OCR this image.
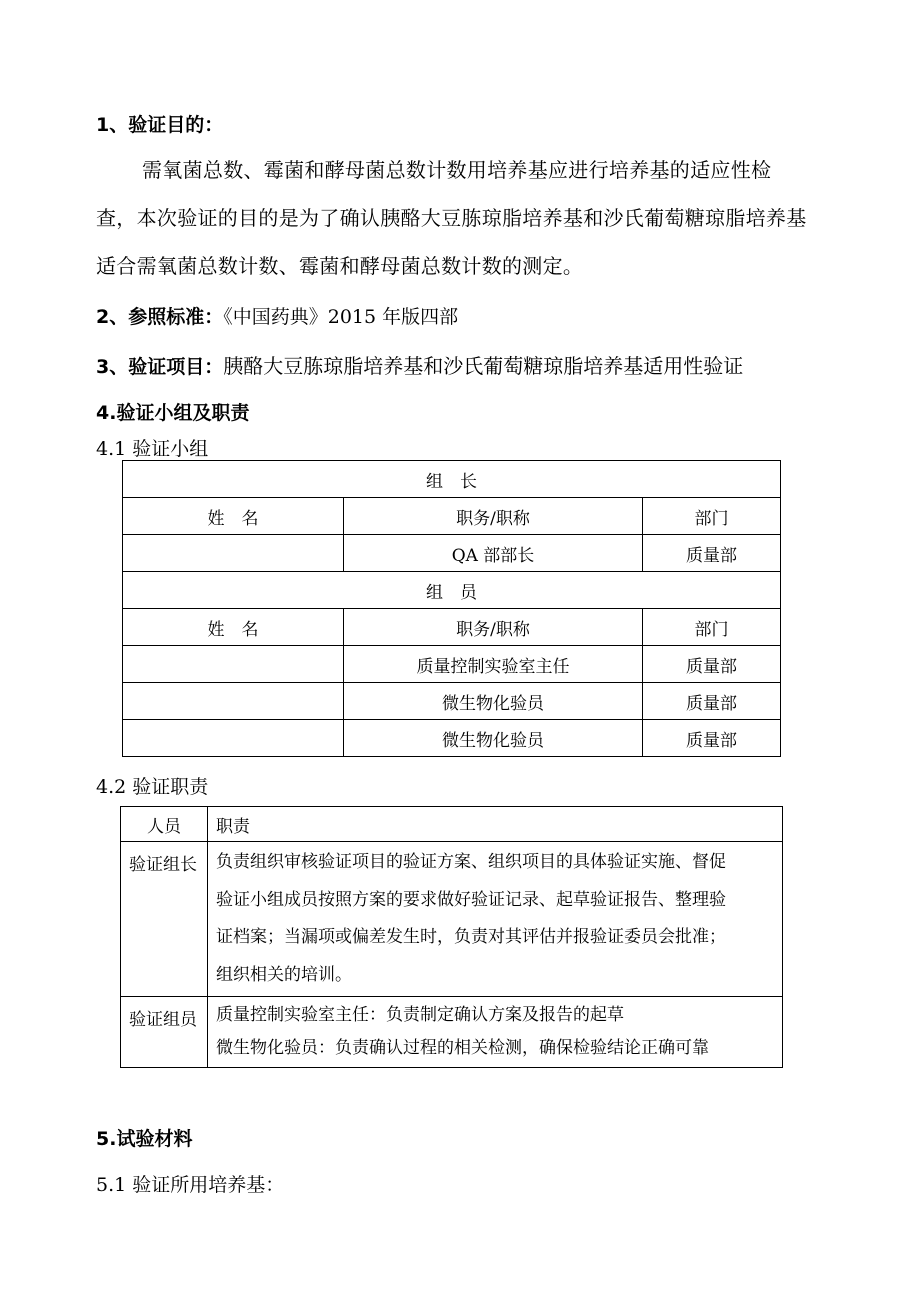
1、验证目的：
需氧菌总数、霉菌和酵母菌总数计数用培养基应进行培养基的适应性检查，本次验证的目的是为了确认胰酪大豆胨琼脂培养基和沙氏葡萄糖琼脂培养基适合需氧菌总数计数、霉菌和酵母菌总数计数的测定。
2、参照标准：《中国药典》2015 年版四部
3、验证项目：胰酪大豆胨琼脂培养基和沙氏葡萄糖琼脂培养基适用性验证
4.验证小组及职责
4.1 验证小组
组　长		
姓　名	职务/职称	部门
	QA 部部长	质量部
组　员		
姓　名	职务/职称	部门
	质量控制实验室主任	质量部
	微生物化验员	质量部
	微生物化验员	质量部
4.2 验证职责
人员	职责
验证组长	负责组织审核验证项目的验证方案、组织项目的具体验证实施、督促
验证小组成员按照方案的要求做好验证记录、起草验证报告、整理验
证档案；当漏项或偏差发生时，负责对其评估并报验证委员会批准；
组织相关的培训。

验证组员	质量控制实验室主任：负责制定确认方案及报告的起草
微生物化验员：负责确认过程的相关检测，确保检验结论正确可靠
5.试验材料
5.1 验证所用培养基：
